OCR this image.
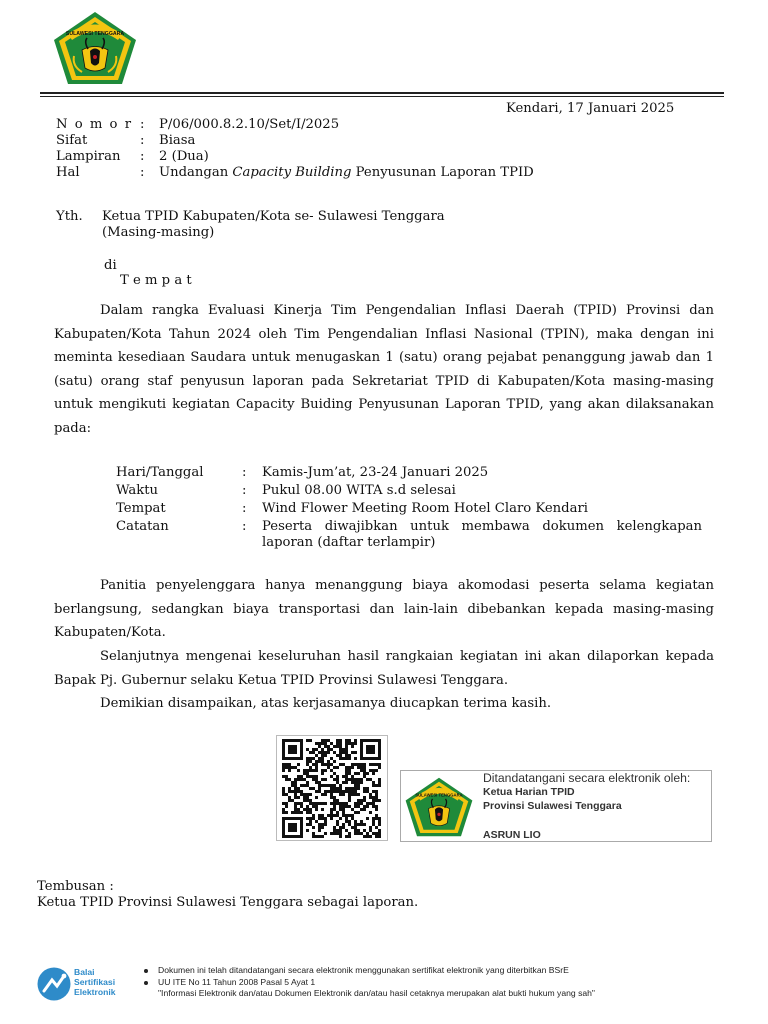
SULAWESI TENGGARA
Kendari, 17 Januari 2025
N o m o r : P/06/000.8.2.10/Set/I/2025
Sifat	: Biasa
Lampiran : 2 (Dua)
Hal	: Undangan Capacity Building Penyusunan Laporan TPID
Yth. Ketua TPID Kabupaten/Kota se- Sulawesi Tenggara
(Masing-masing)
di
T e m p a t
Dalam rangka Evaluasi Kinerja Tim Pengendalian Inflasi Daerah (TPID) Provinsi dan Kabupaten/Kota Tahun 2024 oleh Tim Pengendalian Inflasi Nasional (TPIN), maka dengan ini meminta kesediaan Saudara untuk menugaskan 1 (satu) orang pejabat penanggung jawab dan 1 (satu) orang staf penyusun laporan pada Sekretariat TPID di Kabupaten/Kota masing-masing untuk mengikuti kegiatan Capacity Buiding Penyusunan Laporan TPID, yang akan dilaksanakan pada:
Hari/Tanggal	: Kamis-Jum’at, 23-24 Januari 2025
Waktu	: Pukul 08.00 WITA s.d selesai
Tempat	: Wind Flower Meeting Room Hotel Claro Kendari
Catatan	: Peserta diwajibkan untuk membawa dokumen kelengkapan laporan (daftar terlampir)
Panitia penyelenggara hanya menanggung biaya akomodasi peserta selama kegiatan berlangsung, sedangkan biaya transportasi dan lain-lain dibebankan kepada masing-masing Kabupaten/Kota.
Selanjutnya mengenai keseluruhan hasil rangkaian kegiatan ini akan dilaporkan kepada Bapak Pj. Gubernur selaku Ketua TPID Provinsi Sulawesi Tenggara.
Demikian disampaikan, atas kerjasamanya diucapkan terima kasih.
SULAWESI TENGGARA
Ditandatangani secara elektronik oleh:
Ketua Harian TPID
Provinsi Sulawesi Tenggara
ASRUN LIO
Tembusan :
Ketua TPID Provinsi Sulawesi Tenggara sebagai laporan.
Balai
Sertifikasi
Elektronik
Dokumen ini telah ditandatangani secara elektronik menggunakan sertifikat elektronik yang diterbitkan BSrE
UU ITE No 11 Tahun 2008 Pasal 5 Ayat 1
"Informasi Elektronik dan/atau Dokumen Elektronik dan/atau hasil cetaknya merupakan alat bukti hukum yang sah"
